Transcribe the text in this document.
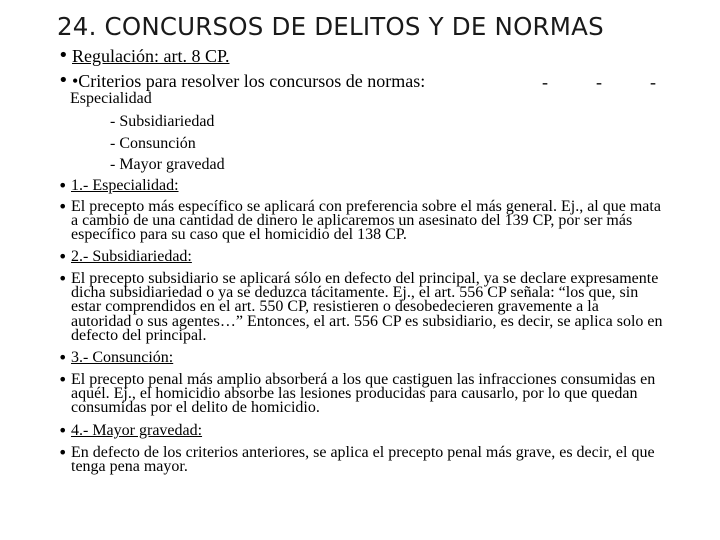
24. CONCURSOS DE DELITOS Y DE NORMAS
• Regulación: art. 8 CP.
• •Criterios para resolver los concursos de normas:	-	-	-
Especialidad
- Subsidiariedad
- Consunción
- Mayor gravedad
• 1.- Especialidad:
• El precepto más específico se aplicará con preferencia sobre el más general. Ej., al que mata a cambio de una cantidad de dinero le aplicaremos un asesinato del 139 CP, por ser más específico para su caso que el homicidio del 138 CP.
• 2.- Subsidiariedad:
• El precepto subsidiario se aplicará sólo en defecto del principal, ya se declare expresamente dicha subsidiariedad o ya se deduzca tácitamente. Ej., el art. 556 CP señala: “los que, sin estar comprendidos en el art. 550 CP, resistieren o desobedecieren gravemente a la autoridad o sus agentes…” Entonces, el art. 556 CP es subsidiario, es decir, se aplica solo en defecto del principal.
• 3.- Consunción:
• El precepto penal más amplio absorberá a los que castiguen las infracciones consumidas en aquél. Ej., el homicidio absorbe las lesiones producidas para causarlo, por lo que quedan consumidas por el delito de homicidio.
• 4.- Mayor gravedad:
• En defecto de los criterios anteriores, se aplica el precepto penal más grave, es decir, el que tenga pena mayor.
